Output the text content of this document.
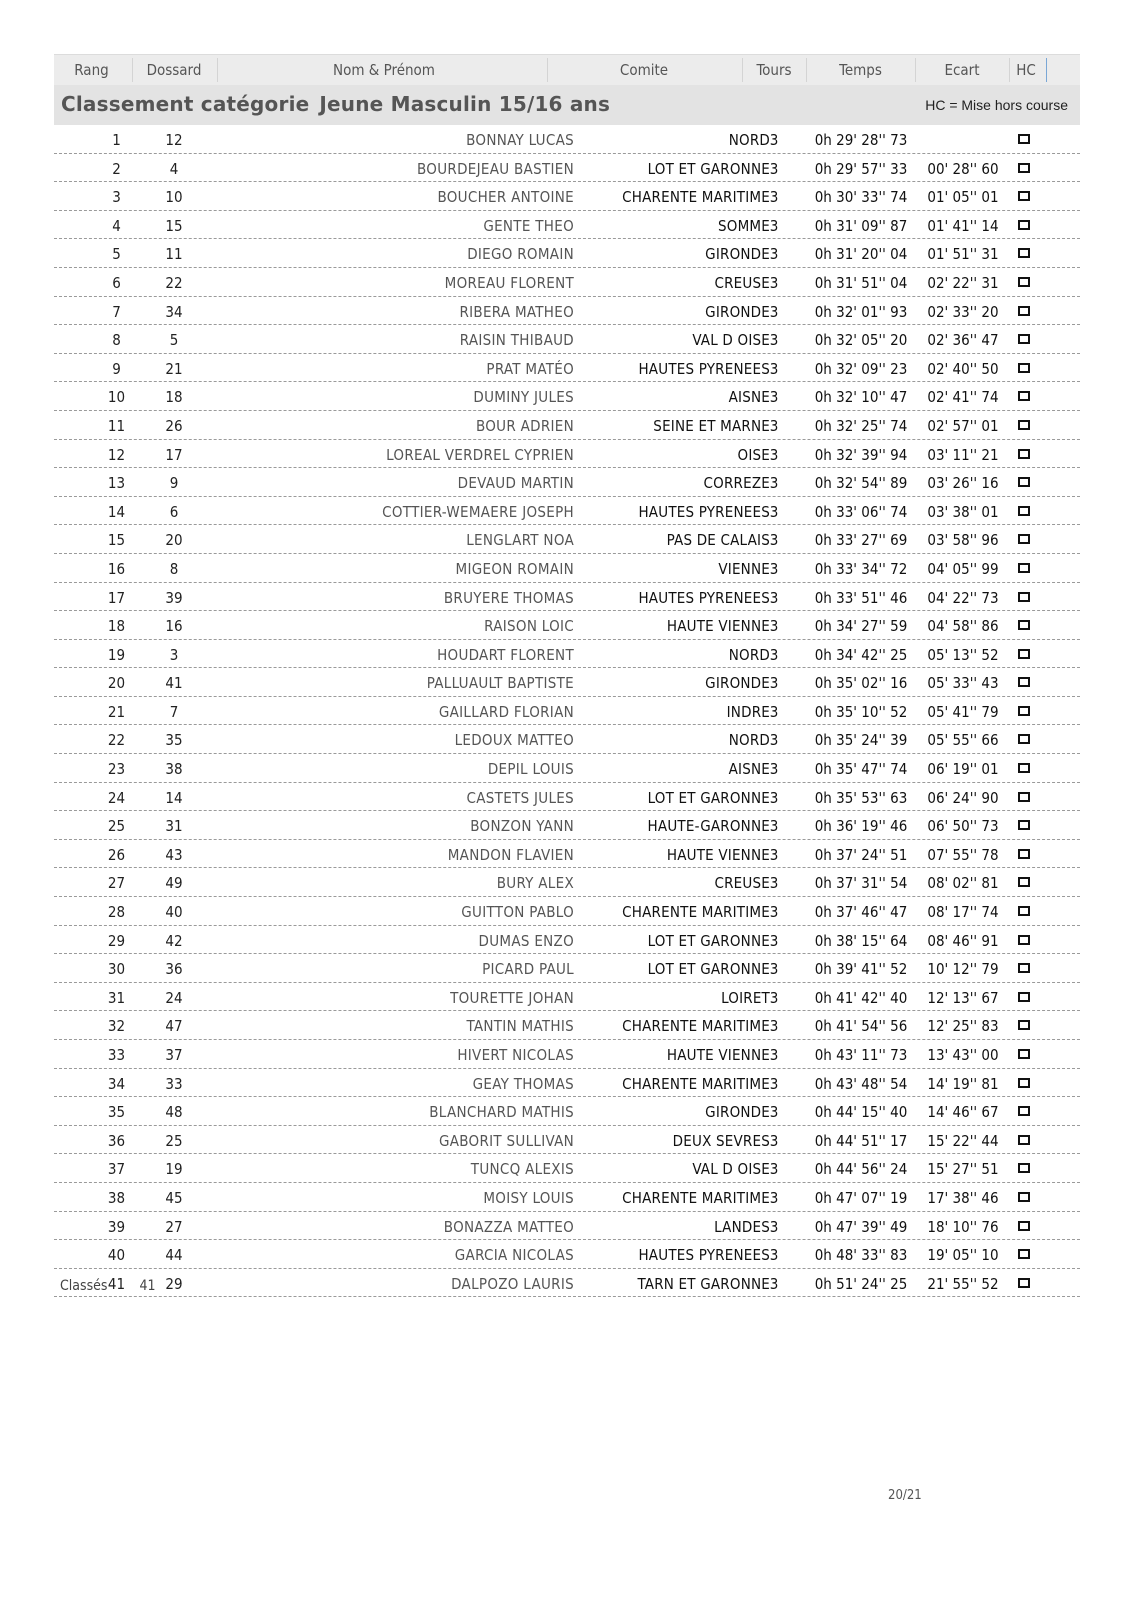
Rang	Dossard	Nom & Prénom	Comite	Tours	Temps	Ecart	HC
Classement catégorie Jeune Masculin 15/16 ans	HC = Mise hors course
1	12	BONNAY LUCAS	NORD 3	0h 29' 28'' 73
2	4	BOURDEJEAU BASTIEN	LOT ET GARONNE 3	0h 29' 57'' 33	00' 28'' 60
3	10	BOUCHER ANTOINE	CHARENTE MARITIME 3	0h 30' 33'' 74	01' 05'' 01
4	15	GENTE THEO	SOMME 3	0h 31' 09'' 87	01' 41'' 14
5	11	DIEGO ROMAIN	GIRONDE 3	0h 31' 20'' 04	01' 51'' 31
6	22	MOREAU FLORENT	CREUSE 3	0h 31' 51'' 04	02' 22'' 31
7	34	RIBERA MATHEO	GIRONDE 3	0h 32' 01'' 93	02' 33'' 20
8	5	RAISIN THIBAUD	VAL D OISE 3	0h 32' 05'' 20	02' 36'' 47
9	21	PRAT MATÉO	HAUTES PYRENEES 3	0h 32' 09'' 23	02' 40'' 50
10	18	DUMINY JULES	AISNE 3	0h 32' 10'' 47	02' 41'' 74
11	26	BOUR ADRIEN	SEINE ET MARNE 3	0h 32' 25'' 74	02' 57'' 01
12	17	LOREAL VERDREL CYPRIEN	OISE 3	0h 32' 39'' 94	03' 11'' 21
13	9	DEVAUD MARTIN	CORREZE 3	0h 32' 54'' 89	03' 26'' 16
14	6	COTTIER-WEMAERE JOSEPH	HAUTES PYRENEES 3	0h 33' 06'' 74	03' 38'' 01
15	20	LENGLART NOA	PAS DE CALAIS 3	0h 33' 27'' 69	03' 58'' 96
16	8	MIGEON ROMAIN	VIENNE 3	0h 33' 34'' 72	04' 05'' 99
17	39	BRUYERE THOMAS	HAUTES PYRENEES 3	0h 33' 51'' 46	04' 22'' 73
18	16	RAISON LOIC	HAUTE VIENNE 3	0h 34' 27'' 59	04' 58'' 86
19	3	HOUDART FLORENT	NORD 3	0h 34' 42'' 25	05' 13'' 52
20	41	PALLUAULT BAPTISTE	GIRONDE 3	0h 35' 02'' 16	05' 33'' 43
21	7	GAILLARD FLORIAN	INDRE 3	0h 35' 10'' 52	05' 41'' 79
22	35	LEDOUX MATTEO	NORD 3	0h 35' 24'' 39	05' 55'' 66
23	38	DEPIL LOUIS	AISNE 3	0h 35' 47'' 74	06' 19'' 01
24	14	CASTETS JULES	LOT ET GARONNE 3	0h 35' 53'' 63	06' 24'' 90
25	31	BONZON YANN	HAUTE-GARONNE 3	0h 36' 19'' 46	06' 50'' 73
26	43	MANDON FLAVIEN	HAUTE VIENNE 3	0h 37' 24'' 51	07' 55'' 78
27	49	BURY ALEX	CREUSE 3	0h 37' 31'' 54	08' 02'' 81
28	40	GUITTON PABLO	CHARENTE MARITIME 3	0h 37' 46'' 47	08' 17'' 74
29	42	DUMAS ENZO	LOT ET GARONNE 3	0h 38' 15'' 64	08' 46'' 91
30	36	PICARD PAUL	LOT ET GARONNE 3	0h 39' 41'' 52	10' 12'' 79
31	24	TOURETTE JOHAN	LOIRET 3	0h 41' 42'' 40	12' 13'' 67
32	47	TANTIN MATHIS	CHARENTE MARITIME 3	0h 41' 54'' 56	12' 25'' 83
33	37	HIVERT NICOLAS	HAUTE VIENNE 3	0h 43' 11'' 73	13' 43'' 00
34	33	GEAY THOMAS	CHARENTE MARITIME 3	0h 43' 48'' 54	14' 19'' 81
35	48	BLANCHARD MATHIS	GIRONDE 3	0h 44' 15'' 40	14' 46'' 67
36	25	GABORIT SULLIVAN	DEUX SEVRES 3	0h 44' 51'' 17	15' 22'' 44
37	19	TUNCQ ALEXIS	VAL D OISE 3	0h 44' 56'' 24	15' 27'' 51
38	45	MOISY LOUIS	CHARENTE MARITIME 3	0h 47' 07'' 19	17' 38'' 46
39	27	BONAZZA MATTEO	LANDES 3	0h 47' 39'' 49	18' 10'' 76
40	44	GARCIA NICOLAS	HAUTES PYRENEES 3	0h 48' 33'' 83	19' 05'' 10
41	29	DALPOZO LAURIS	TARN ET GARONNE 3	0h 51' 24'' 25	21' 55'' 52
Classés 41
20/21
